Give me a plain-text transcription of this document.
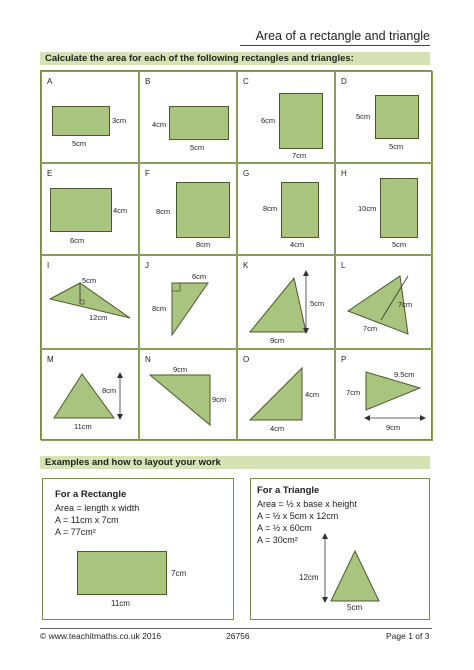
Area of a rectangle and triangle
Calculate the area for each of the following rectangles and triangles:
A
3cm
5cm
B
4cm
5cm
C
6cm
7cm
D
5cm
5cm
E
4cm
6cm
F
8cm
8cm
G
8cm
4cm
H
10cm
5cm
I
5cm
12cm
J
6cm
8cm
K
5cm
9cm
L
7cm
7cm
M
8cm
11cm
N
9cm
9cm
O
4cm
4cm
P
9.5cm
7cm
9cm
Examples and how to layout your work
For a Rectangle
Area = length x width
A = 11cm x 7cm
A = 77cm²
7cm
11cm
For a Triangle
Area = ½ x base x height
A = ½ x 5cm x 12cm
A = ½ x 60cm
A = 30cm²
12cm
5cm
© www.teachitmaths.co.uk 2016	26756	Page 1 of 3
